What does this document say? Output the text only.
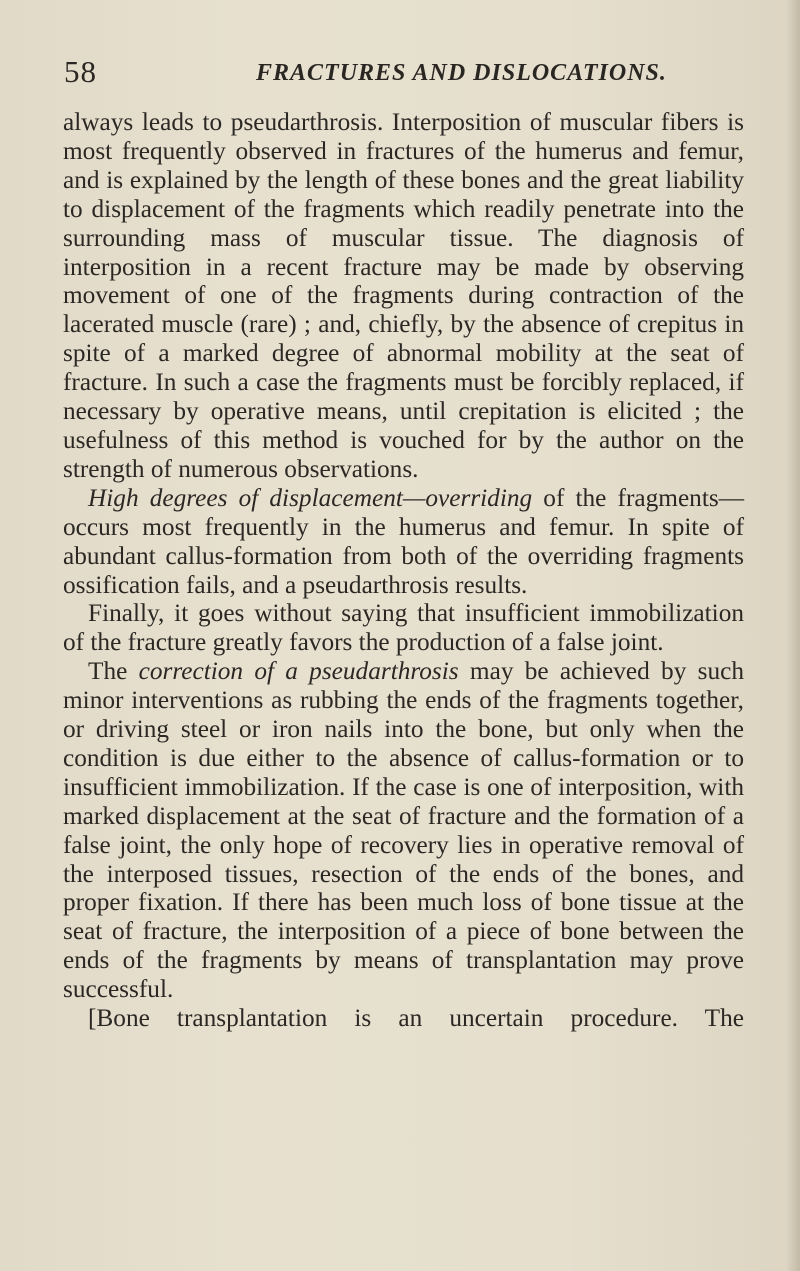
58	FRACTURES AND DISLOCATIONS.

always leads to pseudarthrosis. Interposition of muscular fibers is most frequently observed in fractures of the humerus and femur, and is explained by the length of these bones and the great liability to displacement of the fragments which readily penetrate into the surrounding mass of muscular tissue. The diagnosis of interposition in a recent fracture may be made by observing movement of one of the fragments during contraction of the lacerated muscle (rare) ; and, chiefly, by the absence of crepitus in spite of a marked degree of abnormal mobility at the seat of fracture. In such a case the fragments must be forcibly replaced, if necessary by operative means, until crepitation is elicited ; the usefulness of this method is vouched for by the author on the strength of numerous observations.

High degrees of displacement—overriding of the fragments—occurs most frequently in the humerus and femur. In spite of abundant callus-formation from both of the overriding fragments ossification fails, and a pseudarthrosis results.

Finally, it goes without saying that insufficient immobilization of the fracture greatly favors the production of a false joint.

The correction of a pseudarthrosis may be achieved by such minor interventions as rubbing the ends of the fragments together, or driving steel or iron nails into the bone, but only when the condition is due either to the absence of callus-formation or to insufficient immobilization. If the case is one of interposition, with marked displacement at the seat of fracture and the formation of a false joint, the only hope of recovery lies in operative removal of the interposed tissues, resection of the ends of the bones, and proper fixation. If there has been much loss of bone tissue at the seat of fracture, the interposition of a piece of bone between the ends of the fragments by means of transplantation may prove successful.

[Bone transplantation is an uncertain procedure. The
